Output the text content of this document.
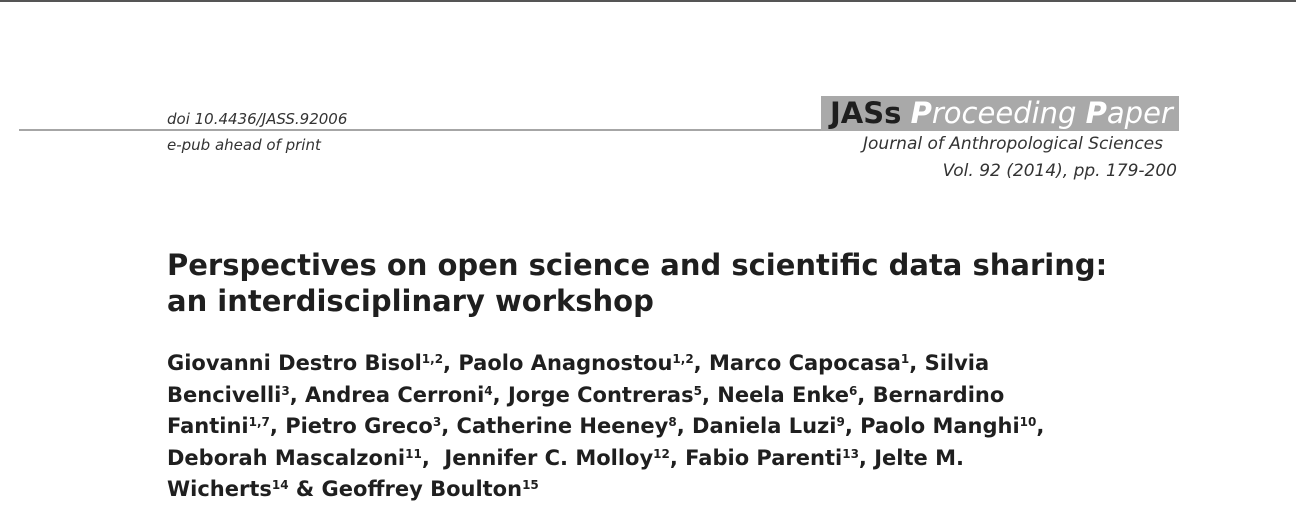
doi 10.4436/JASS.92006
e-pub ahead of print
JASs Proceeding Paper
Journal of Anthropological Sciences
Vol. 92 (2014), pp. 179-200
Perspectives on open science and scientific data sharing:
an interdisciplinary workshop

Giovanni Destro Bisol$^{1,2}$, Paolo Anagnostou$^{1,2}$, Marco Capocasa$^1$, Silvia
Bencivelli$^3$, Andrea Cerroni$^4$, Jorge Contreras$^5$, Neela Enke$^6$, Bernardino
Fantini$^{1,7}$, Pietro Greco$^3$, Catherine Heeney$^8$, Daniela Luzi$^9$, Paolo Manghi$^{10}$,
Deborah Mascalzoni$^{11}$,  Jennifer C. Molloy$^{12}$, Fabio Parenti$^{13}$, Jelte M.
Wicherts$^{14}$ & Geoffrey Boulton$^{15}$
